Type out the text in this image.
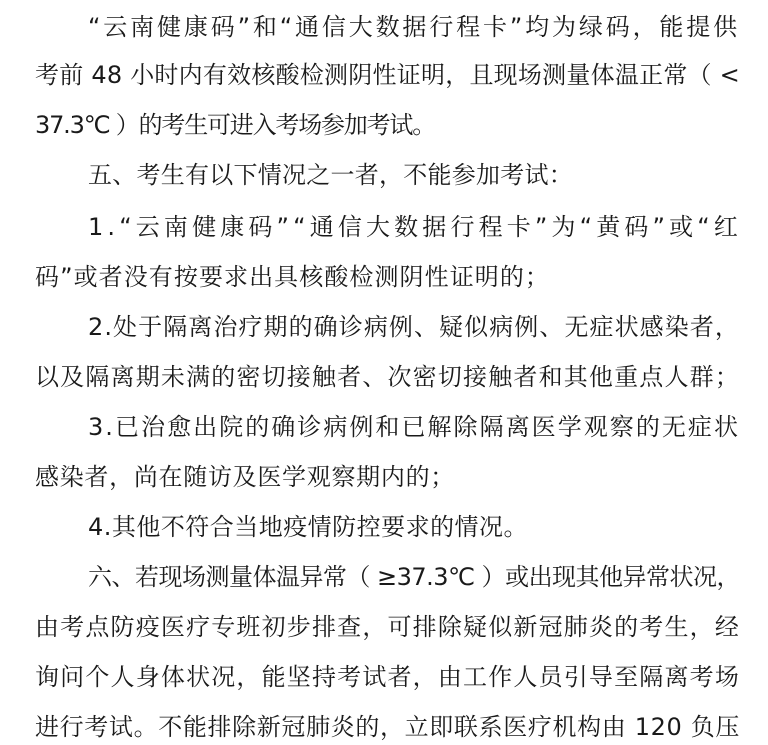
“云南健康码”和“通信大数据行程卡”均为绿码，能提供
考前 48 小时内有效核酸检测阴性证明，且现场测量体温正常（ <
37.3℃ ）的考生可进入考场参加考试。
五、考生有以下情况之一者，不能参加考试：
1.“云南健康码”“通信大数据行程卡”为“黄码”或“红
码”或者没有按要求出具核酸检测阴性证明的；
2.处于隔离治疗期的确诊病例、疑似病例、无症状感染者，
以及隔离期未满的密切接触者、次密切接触者和其他重点人群；
3.已治愈出院的确诊病例和已解除隔离医学观察的无症状
感染者，尚在随访及医学观察期内的；
4.其他不符合当地疫情防控要求的情况。
六、若现场测量体温异常（ ≥37.3℃ ）或出现其他异常状况，
由考点防疫医疗专班初步排查，可排除疑似新冠肺炎的考生，经
询问个人身体状况，能坚持考试者，由工作人员引导至隔离考场
进行考试。不能排除新冠肺炎的，立即联系医疗机构由 120 负压
